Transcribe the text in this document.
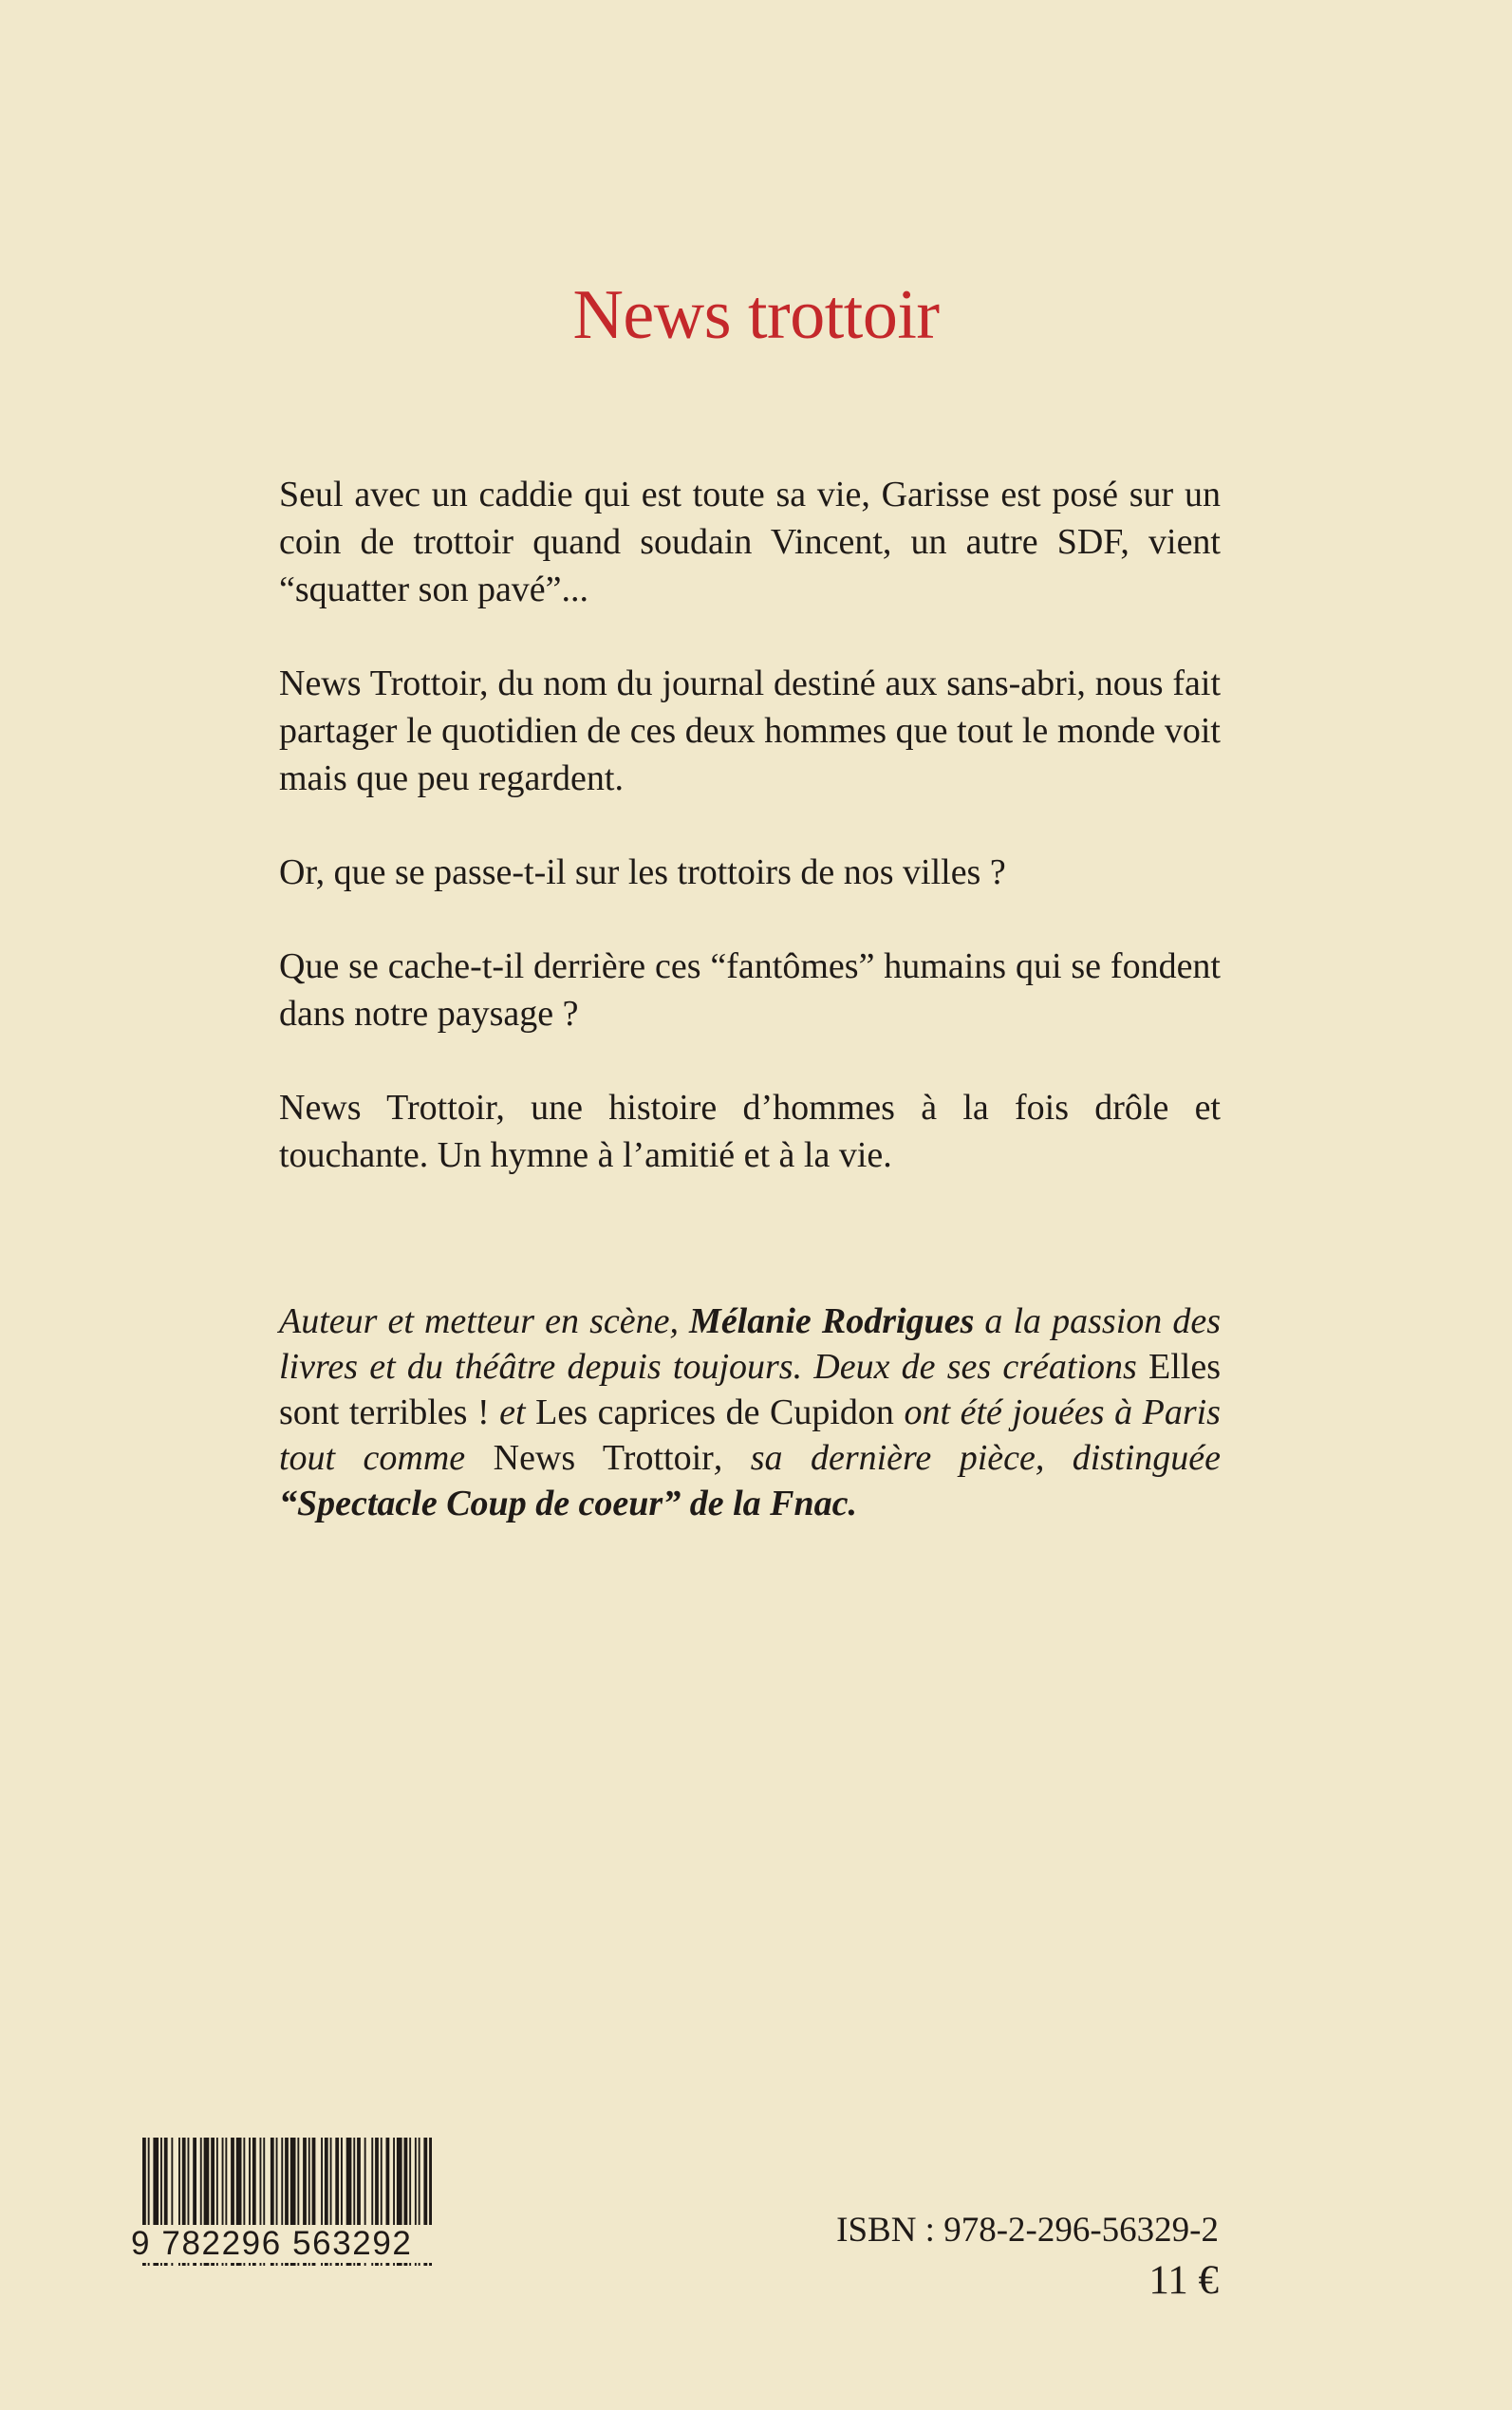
News trottoir

Seul avec un caddie qui est toute sa vie, Garisse est posé sur un coin de trottoir quand soudain Vincent, un autre SDF, vient “squatter son pavé”...

News Trottoir, du nom du journal destiné aux sans-abri, nous fait partager le quotidien de ces deux hommes que tout le monde voit mais que peu regardent.

Or, que se passe-t-il sur les trottoirs de nos villes ?

Que se cache-t-il derrière ces “fantômes” humains qui se fondent dans notre paysage ?

News Trottoir, une histoire d’hommes à la fois drôle et touchante. Un hymne à l’amitié et à la vie.

Auteur et metteur en scène, Mélanie Rodrigues a la passion des livres et du théâtre depuis toujours. Deux de ses créations Elles sont terribles ! et Les caprices de Cupidon ont été jouées à Paris tout comme News Trottoir, sa dernière pièce, distinguée “Spectacle Coup de coeur” de la Fnac.

9 782296 563292	ISBN : 978-2-296-56329-2

11 €
